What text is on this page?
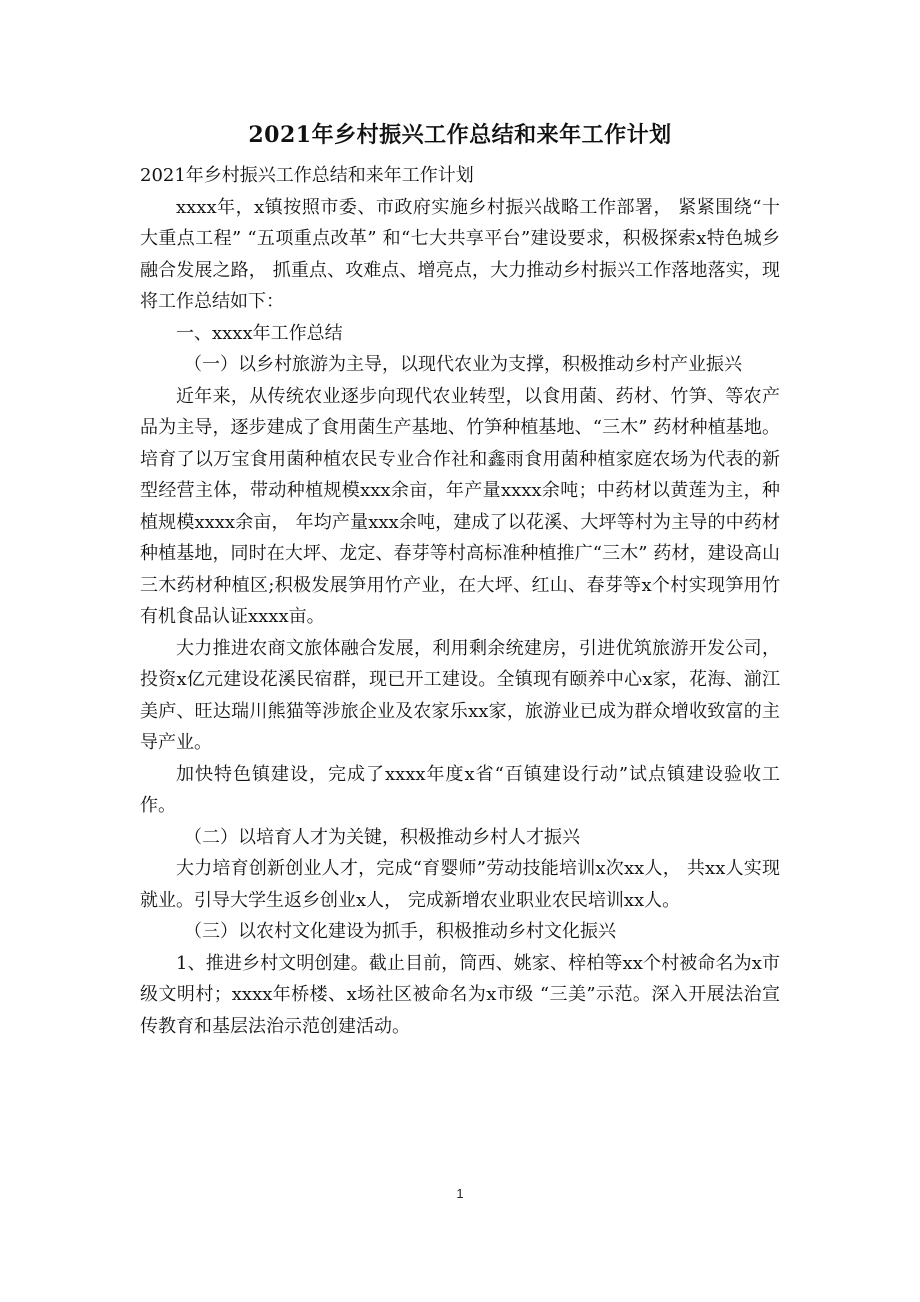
2021年乡村振兴工作总结和来年工作计划

2021年乡村振兴工作总结和来年工作计划

xxxx年，x镇按照市委、市政府实施乡村振兴战略工作部署， 紧紧围绕“十大重点工程” “五项重点改革” 和“七大共享平台”建设要求，积极探索x特色城乡融合发展之路， 抓重点、攻难点、增亮点，大力推动乡村振兴工作落地落实，现将工作总结如下：

一、xxxx年工作总结

（一）以乡村旅游为主导，以现代农业为支撑，积极推动乡村产业振兴

近年来，从传统农业逐步向现代农业转型，以食用菌、药材、竹笋、等农产品为主导，逐步建成了食用菌生产基地、竹笋种植基地、“三木” 药材种植基地。培育了以万宝食用菌种植农民专业合作社和鑫雨食用菌种植家庭农场为代表的新型经营主体，带动种植规模xxx余亩，年产量xxxx余吨；中药材以黄莲为主，种植规模xxxx余亩， 年均产量xxx余吨，建成了以花溪、大坪等村为主导的中药材种植基地，同时在大坪、龙定、春芽等村高标准种植推广“三木” 药材，建设高山三木药材种植区;积极发展笋用竹产业，在大坪、红山、春芽等x个村实现笋用竹有机食品认证xxxx亩。

大力推进农商文旅体融合发展，利用剩余统建房，引进优筑旅游开发公司，投资x亿元建设花溪民宿群，现已开工建设。全镇现有颐养中心x家，花海、湔江美庐、旺达瑞川熊猫等涉旅企业及农家乐xx家，旅游业已成为群众增收致富的主导产业。

加快特色镇建设，完成了xxxx年度x省“百镇建设行动”试点镇建设验收工作。

（二）以培育人才为关键，积极推动乡村人才振兴

大力培育创新创业人才，完成“育婴师”劳动技能培训x次xx人， 共xx人实现就业。引导大学生返乡创业x人， 完成新增农业职业农民培训xx人。

（三）以农村文化建设为抓手，积极推动乡村文化振兴

1、推进乡村文明创建。截止目前，筒西、姚家、梓柏等xx个村被命名为x市级文明村；xxxx年桥楼、x场社区被命名为x市级 “三美”示范。深入开展法治宣传教育和基层法治示范创建活动。

1
